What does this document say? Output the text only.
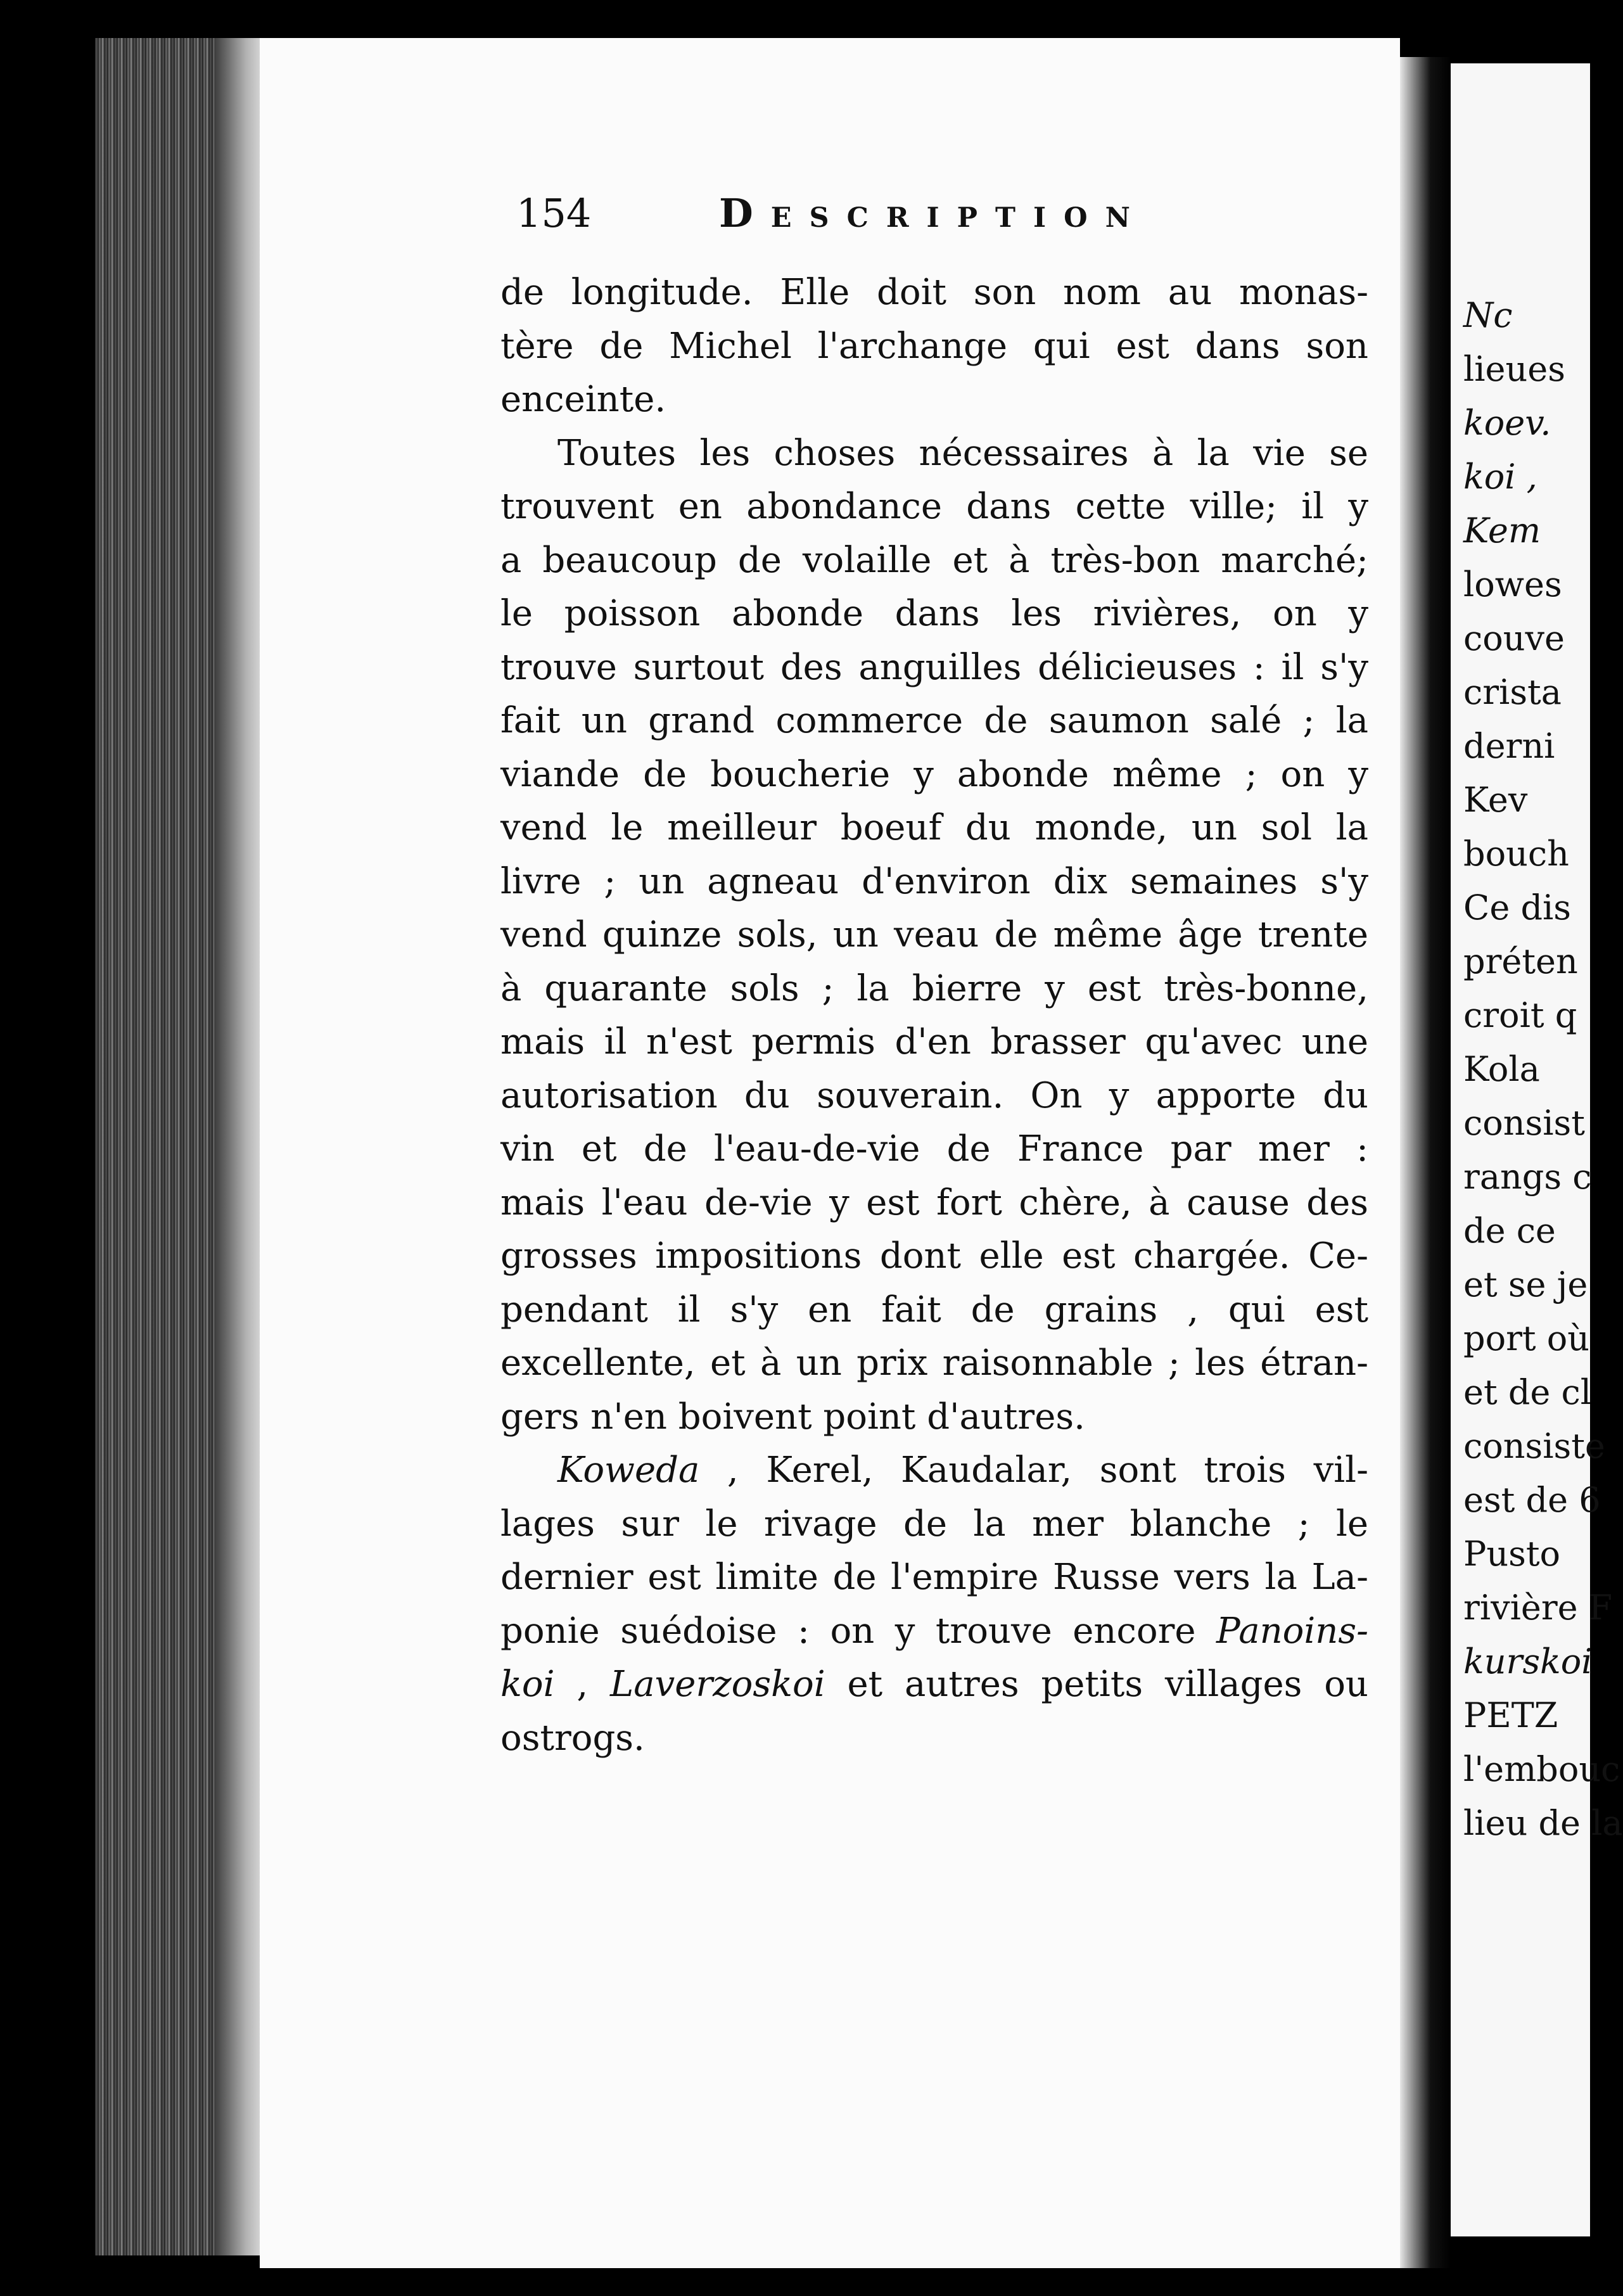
154	Description
de longitude. Elle doit son nom au monas-
tère de Michel l'archange qui est dans son
enceinte.
Toutes les choses nécessaires à la vie se
trouvent en abondance dans cette ville; il y
a beaucoup de volaille et à très-bon marché;
le poisson abonde dans les rivières, on y
trouve surtout des anguilles délicieuses : il s'y
fait un grand commerce de saumon salé ; la
viande de boucherie y abonde même ; on y
vend le meilleur boeuf du monde, un sol la
livre ; un agneau d'environ dix semaines s'y
vend quinze sols, un veau de même âge trente
à quarante sols ; la bierre y est très-bonne,
mais il n'est permis d'en brasser qu'avec une
autorisation du souverain. On y apporte du
vin et de l'eau-de-vie de France par mer :
mais l'eau de-vie y est fort chère, à cause des
grosses impositions dont elle est chargée. Ce-
pendant il s'y en fait de grains , qui est
excellente, et à un prix raisonnable ; les étran-
gers n'en boivent point d'autres.
Koweda , Kerel, Kaudalar, sont trois vil-
lages sur le rivage de la mer blanche ; le
dernier est limite de l'empire Russe vers la La-
ponie suédoise : on y trouve encore Panoins-
koi , Laverzoskoi et autres petits villages ou
ostrogs.
Nc
lieues
koev.
koi ,
Kem
lowes
couve
crista
derni
Kev
bouch
Ce dis
préten
croit q
Kola
consist
rangs c
de ce
et se je
port où
et de cl
consiste
est de 6
Pusto
rivière F
kurskoi
PETZ
l'embouc
lieu de la
